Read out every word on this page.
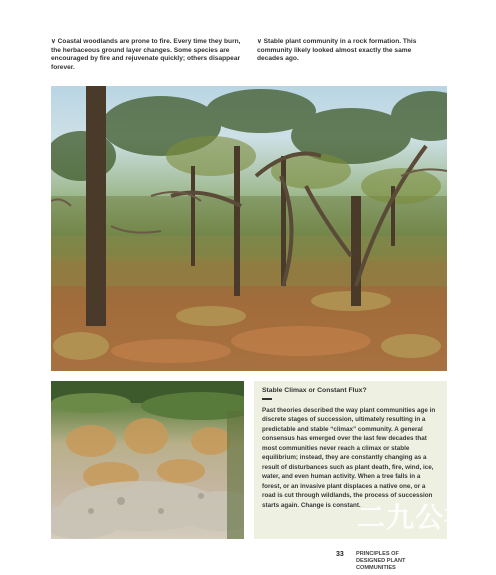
∨ Coastal woodlands are prone to fire. Every time they burn, the herbaceous ground layer changes. Some species are encouraged by fire and rejuvenate quickly; others disappear forever.
∨ Stable plant community in a rock formation. This community likely looked almost exactly the same decades ago.
Stable Climax or Constant Flux?
Past theories described the way plant communities age in discrete stages of succession, ultimately resulting in a predictable and stable “climax” community. A general consensus has emerged over the last few decades that most communities never reach a climax or stable equilibrium; instead, they are constantly changing as a result of disturbances such as plant death, fire, wind, ice, water, and even human activity. When a tree falls in a forest, or an invasive plant displaces a native one, or a road is cut through wildlands, the process of succession starts again. Change is constant.
二九公社
33 PRINCIPLES OF
DESIGNED PLANT
COMMUNITIES
